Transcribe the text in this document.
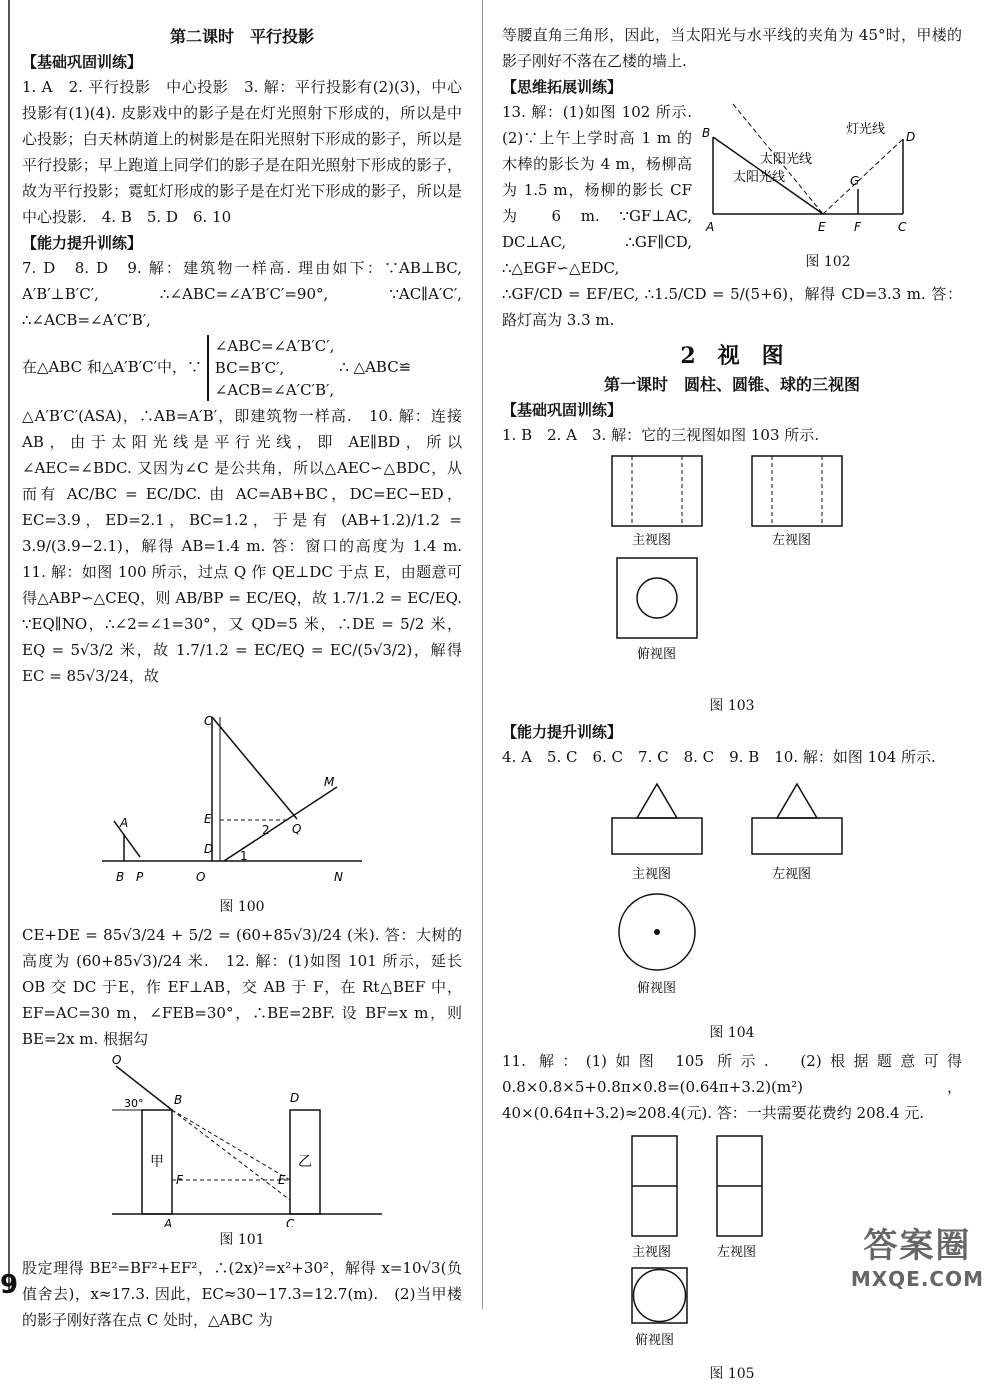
第二课时　平行投影
【基础巩固训练】

1. A　2. 平行投影　中心投影　3. 解：平行投影有(2)(3)，中心投影有(1)(4). 皮影戏中的影子是在灯光照射下形成的，所以是中心投影；白天林荫道上的树影是在阳光照射下形成的影子，所以是平行投影；早上跑道上同学们的影子是在阳光照射下形成的影子，故为平行投影；霓虹灯形成的影子是在灯光下形成的影子，所以是中心投影.　4. B　5. D　6. 10

【能力提升训练】

7. D　8. D　9. 解：建筑物一样高. 理由如下：∵AB⊥BC, A′B′⊥B′C′, ∴∠ABC=∠A′B′C′=90°, ∵AC∥A′C′, ∴∠ACB=∠A′C′B′,

在△ABC 和△A′B′C′中，∵ ∠ABC=∠A′B′C′,
BC=B′C′,
∠ACB=∠A′C′B′, ∴ △ABC≌

△A′B′C′(ASA)，∴AB=A′B′，即建筑物一样高.　10. 解：连接AB，由于太阳光线是平行光线，即 AE∥BD，所以∠AEC=∠BDC. 又因为∠C 是公共角，所以△AEC∽△BDC，从而有 AC/BC = EC/DC. 由 AC=AB+BC，DC=EC−ED，EC=3.9，ED=2.1，BC=1.2，于是有 (AB+1.2)/1.2 = 3.9/(3.9−2.1)，解得 AB=1.4 m. 答：窗口的高度为 1.4 m.　11. 解：如图 100 所示，过点 Q 作 QE⊥DC 于点 E，由题意可得△ABP∽△CEQ，则 AB/BP = EC/EQ，故 1.7/1.2 = EC/EQ. ∵EQ∥NO，∴∠2=∠1=30°，又 QD=5 米，∴DE = 5/2 米，EQ = 5√3/2 米，故 1.7/1.2 = EC/EQ = EC/(5√3/2)，解得 EC = 85√3/24，故

A
B P	O	N
C
E
D
Q
M
2
1
图 100

CE+DE = 85√3/24 + 5/2 = (60+85√3)/24 (米). 答：大树的高度为 (60+85√3)/24 米.　12. 解：(1)如图 101 所示，延长 OB 交 DC 于E，作 EF⊥AB，交 AB 于 F，在 Rt△BEF 中，EF=AC=30 m，∠FEB=30°，∴BE=2BF. 设 BF=x m，则 BE=2x m. 根据勾

O
30°	B	D
F	E
A	C
甲	乙
图 101

股定理得 BE²=BF²+EF²，∴(2x)²=x²+30²，解得 x=10√3(负值舍去)，x≈17.3. 因此，EC≈30−17.3=12.7(m).　(2)当甲楼的影子刚好落在点 C 处时，△ABC 为

等腰直角三角形，因此，当太阳光与水平线的夹角为 45°时，甲楼的影子刚好不落在乙楼的墙上.

【思维拓展训练】

13. 解：(1)如图 102 所示.　(2)∵上午上学时高 1 m 的木棒的影长为 4 m，杨柳高为 1.5 m，杨柳的影长 CF 为 6 m. ∵GF⊥AC, DC⊥AC, ∴GF∥CD, ∴△EGF∽△EDC,

B
A	E F	C
D
G
灯光线
太阳光线
太阳光线
图 102

∴GF/CD = EF/EC, ∴1.5/CD = 5/(5+6)，解得 CD=3.3 m. 答：路灯高为 3.3 m.

2　视　图
第一课时　圆柱、圆锥、球的三视图
【基础巩固训练】

1. B　2. A　3. 解：它的三视图如图 103 所示.

主视图	左视图
俯视图
图 103
【能力提升训练】

4. A　5. C　6. C　7. C　8. C　9. B　10. 解：如图 104 所示.

主视图	左视图
俯视图
图 104

11. 解：(1)如图 105 所示.　(2)根据题意可得 0.8×0.8×5+0.8π×0.8=(0.64π+3.2)(m²)，40×(0.64π+3.2)≈208.4(元). 答：一共需要花费约 208.4 元.

主视图	左视图
俯视图
图 105
9
答案圈
MXQE.COM
